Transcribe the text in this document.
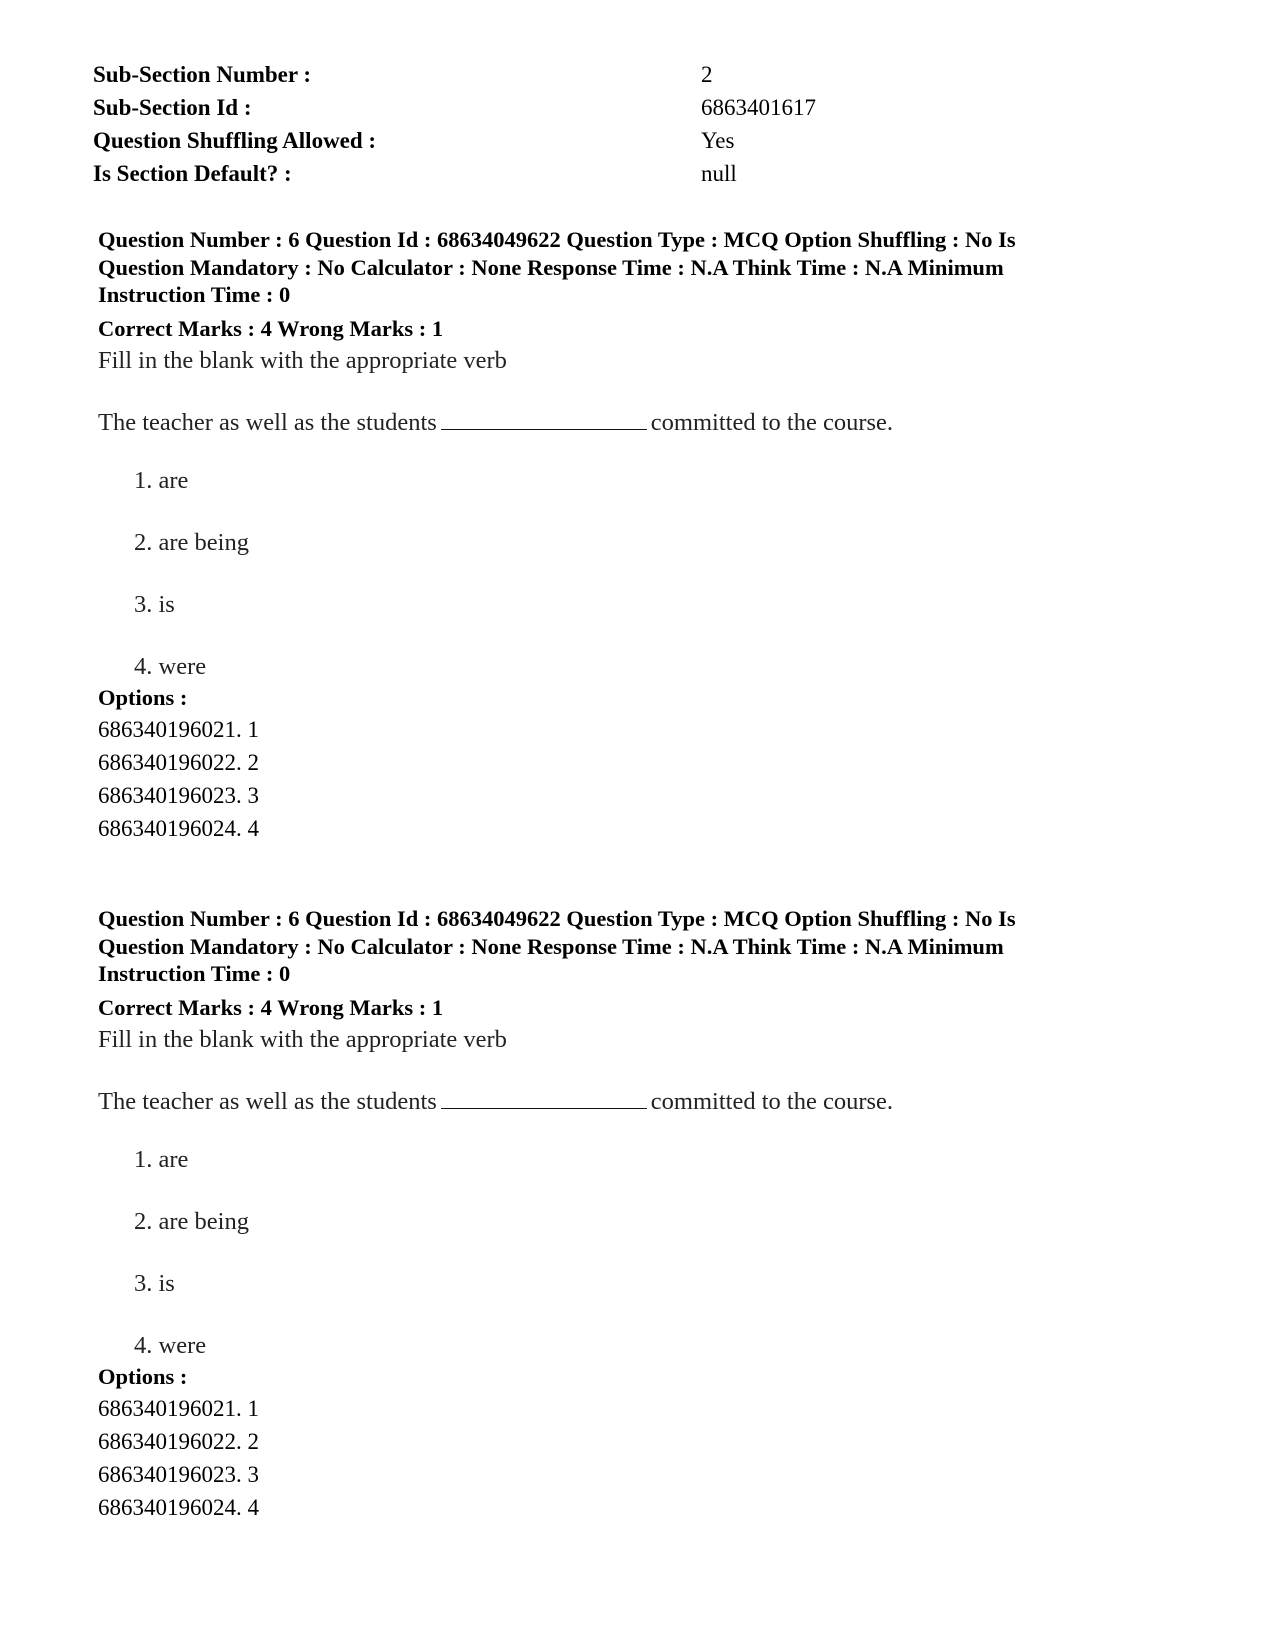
Sub-Section Number :	2
Sub-Section Id :	6863401617
Question Shuffling Allowed :	Yes
Is Section Default? :	null
Question Number : 6 Question Id : 68634049622 Question Type : MCQ Option Shuffling : No Is
Question Mandatory : No Calculator : None Response Time : N.A Think Time : N.A Minimum
Instruction Time : 0
Correct Marks : 4 Wrong Marks : 1
Fill in the blank with the appropriate verb
The teacher as well as the students	committed to the course.
1. are
2. are being
3. is
4. were
Options :
686340196021. 1
686340196022. 2
686340196023. 3
686340196024. 4
Question Number : 6 Question Id : 68634049622 Question Type : MCQ Option Shuffling : No Is
Question Mandatory : No Calculator : None Response Time : N.A Think Time : N.A Minimum
Instruction Time : 0
Correct Marks : 4 Wrong Marks : 1
Fill in the blank with the appropriate verb
The teacher as well as the students	committed to the course.
1. are
2. are being
3. is
4. were
Options :
686340196021. 1
686340196022. 2
686340196023. 3
686340196024. 4
